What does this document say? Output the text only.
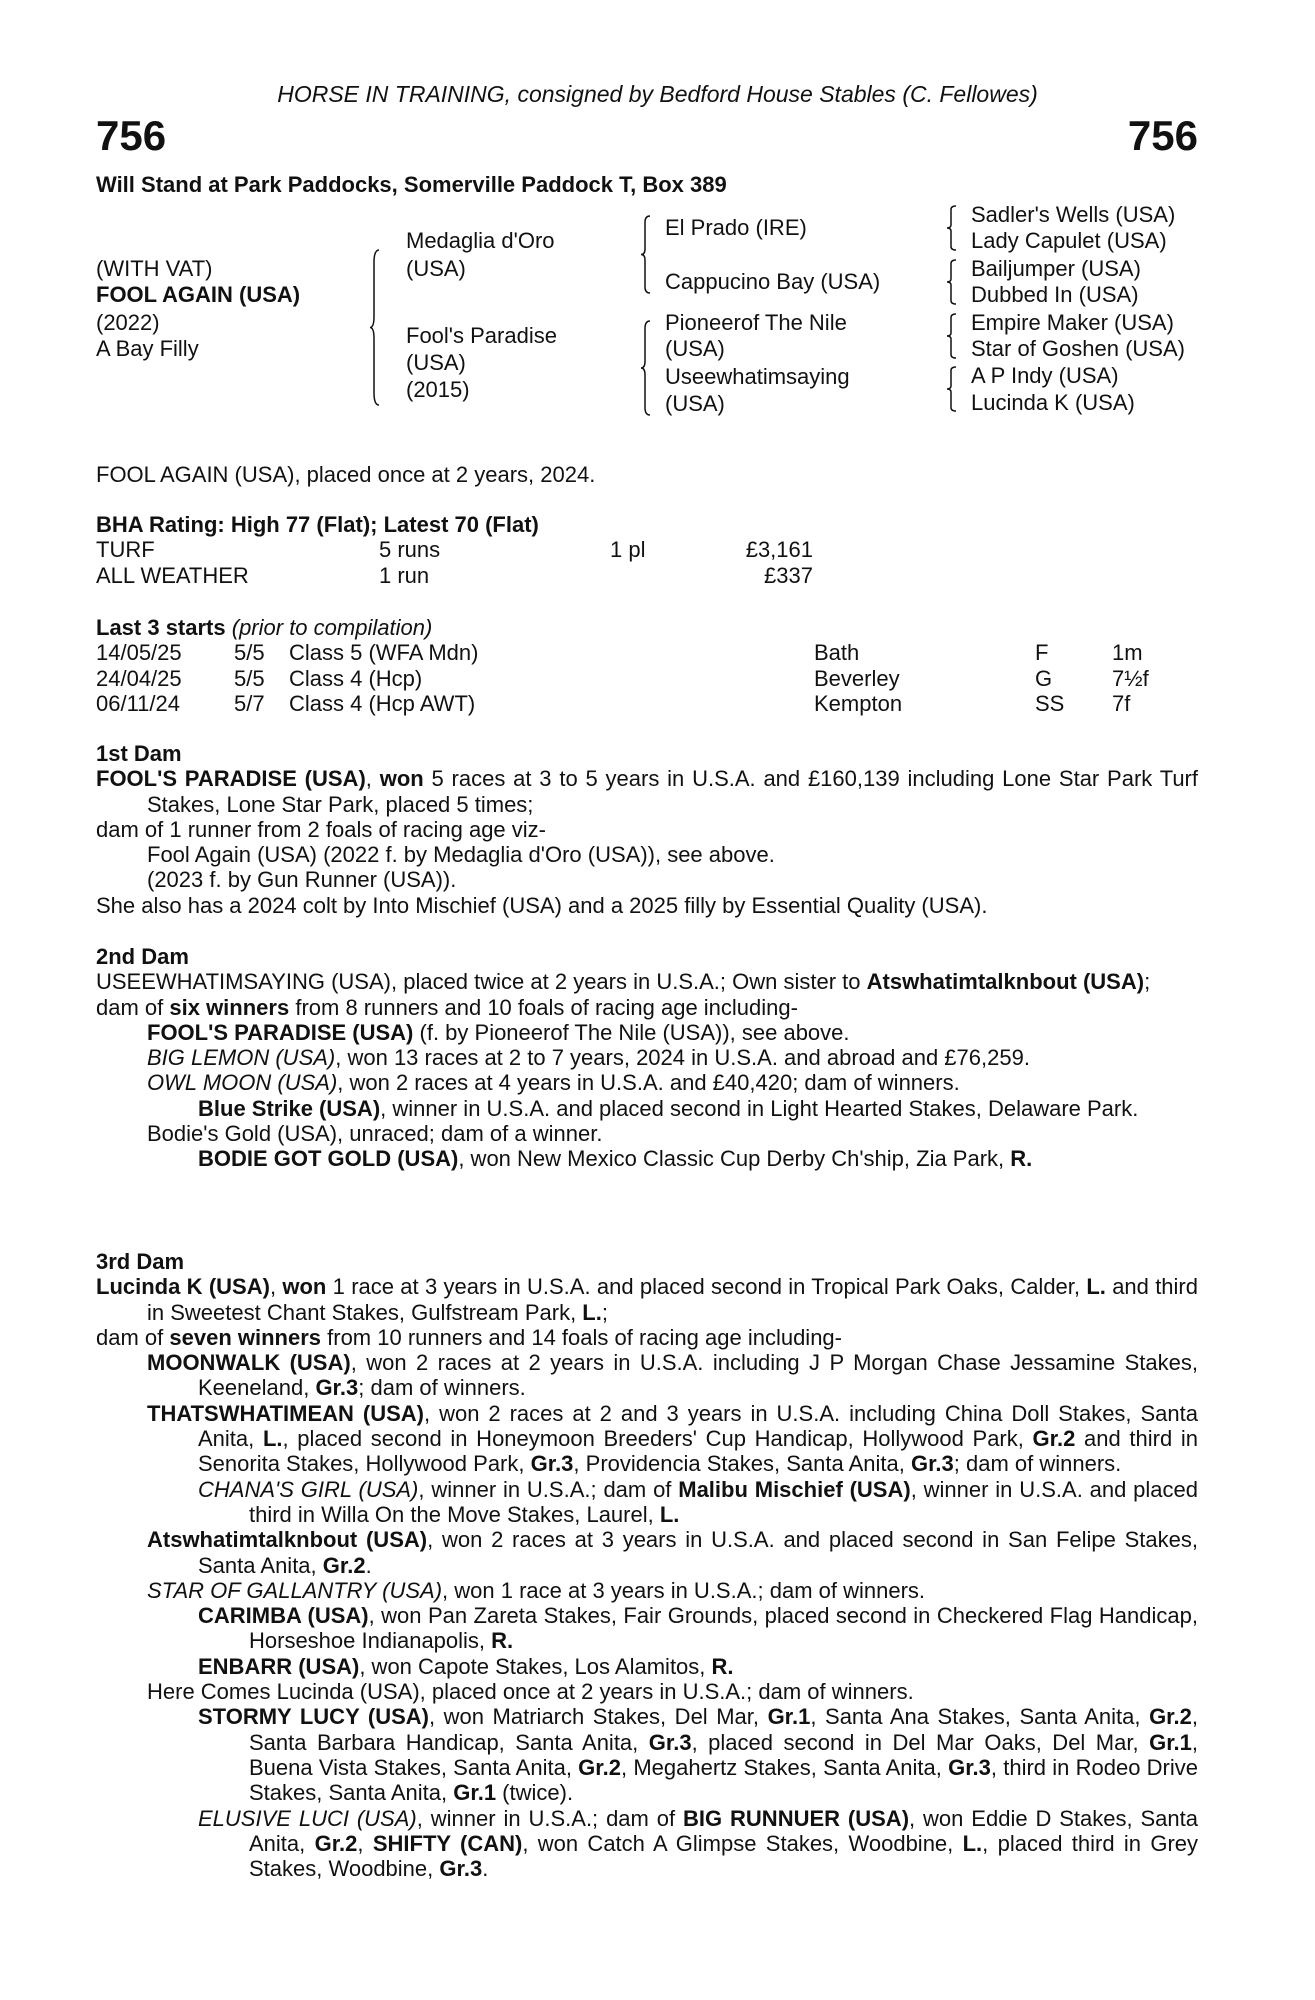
HORSE IN TRAINING, consigned by Bedford House Stables (C. Fellowes)
756	756
Will Stand at Park Paddocks, Somerville Paddock T, Box 389
(WITH VAT)
FOOL AGAIN (USA)
(2022)
A Bay Filly
Medaglia d'Oro
(USA)
Fool's Paradise
(USA)
(2015)
El Prado (IRE)
Cappucino Bay (USA)
Pioneerof The Nile
(USA)
Useewhatimsaying
(USA)
Sadler's Wells (USA)
Lady Capulet (USA)
Bailjumper (USA)
Dubbed In (USA)
Empire Maker (USA)
Star of Goshen (USA)
A P Indy (USA)
Lucinda K (USA)
FOOL AGAIN (USA), placed once at 2 years, 2024.
BHA Rating: High 77 (Flat); Latest 70 (Flat)
TURF	5 runs	1 pl	£3,161
ALL WEATHER	1 run	£337
Last 3 starts (prior to compilation)
14/05/25 5/5 Class 5 (WFA Mdn)	Bath	F	1m
24/04/25 5/5 Class 4 (Hcp)	Beverley	G	7½f
06/11/24 5/7 Class 4 (Hcp AWT)	Kempton	SS 7f
1st Dam
FOOL'S PARADISE (USA), won 5 races at 3 to 5 years in U.S.A. and £160,139 including Lone Star Park Turf Stakes, Lone Star Park, placed 5 times;
dam of 1 runner from 2 foals of racing age viz-
Fool Again (USA) (2022 f. by Medaglia d'Oro (USA)), see above.
(2023 f. by Gun Runner (USA)).
She also has a 2024 colt by Into Mischief (USA) and a 2025 filly by Essential Quality (USA).
2nd Dam
USEEWHATIMSAYING (USA), placed twice at 2 years in U.S.A.; Own sister to Atswhatimtalknbout (USA);
dam of six winners from 8 runners and 10 foals of racing age including-
FOOL'S PARADISE (USA) (f. by Pioneerof The Nile (USA)), see above.
BIG LEMON (USA), won 13 races at 2 to 7 years, 2024 in U.S.A. and abroad and £76,259.
OWL MOON (USA), won 2 races at 4 years in U.S.A. and £40,420; dam of winners.
Blue Strike (USA), winner in U.S.A. and placed second in Light Hearted Stakes, Delaware Park.
Bodie's Gold (USA), unraced; dam of a winner.
BODIE GOT GOLD (USA), won New Mexico Classic Cup Derby Ch'ship, Zia Park, R.
3rd Dam
Lucinda K (USA), won 1 race at 3 years in U.S.A. and placed second in Tropical Park Oaks, Calder, L. and third in Sweetest Chant Stakes, Gulfstream Park, L.;
dam of seven winners from 10 runners and 14 foals of racing age including-
MOONWALK (USA), won 2 races at 2 years in U.S.A. including J P Morgan Chase Jessamine Stakes, Keeneland, Gr.3; dam of winners.
THATSWHATIMEAN (USA), won 2 races at 2 and 3 years in U.S.A. including China Doll Stakes, Santa Anita, L., placed second in Honeymoon Breeders' Cup Handicap, Hollywood Park, Gr.2 and third in Senorita Stakes, Hollywood Park, Gr.3, Providencia Stakes, Santa Anita, Gr.3; dam of winners.
CHANA'S GIRL (USA), winner in U.S.A.; dam of Malibu Mischief (USA), winner in U.S.A. and placed third in Willa On the Move Stakes, Laurel, L.
Atswhatimtalknbout (USA), won 2 races at 3 years in U.S.A. and placed second in San Felipe Stakes, Santa Anita, Gr.2.
STAR OF GALLANTRY (USA), won 1 race at 3 years in U.S.A.; dam of winners.
CARIMBA (USA), won Pan Zareta Stakes, Fair Grounds, placed second in Checkered Flag Handicap, Horseshoe Indianapolis, R.
ENBARR (USA), won Capote Stakes, Los Alamitos, R.
Here Comes Lucinda (USA), placed once at 2 years in U.S.A.; dam of winners.
STORMY LUCY (USA), won Matriarch Stakes, Del Mar, Gr.1, Santa Ana Stakes, Santa Anita, Gr.2, Santa Barbara Handicap, Santa Anita, Gr.3, placed second in Del Mar Oaks, Del Mar, Gr.1, Buena Vista Stakes, Santa Anita, Gr.2, Megahertz Stakes, Santa Anita, Gr.3, third in Rodeo Drive Stakes, Santa Anita, Gr.1 (twice).
ELUSIVE LUCI (USA), winner in U.S.A.; dam of BIG RUNNUER (USA), won Eddie D Stakes, Santa Anita, Gr.2, SHIFTY (CAN), won Catch A Glimpse Stakes, Woodbine, L., placed third in Grey Stakes, Woodbine, Gr.3.
